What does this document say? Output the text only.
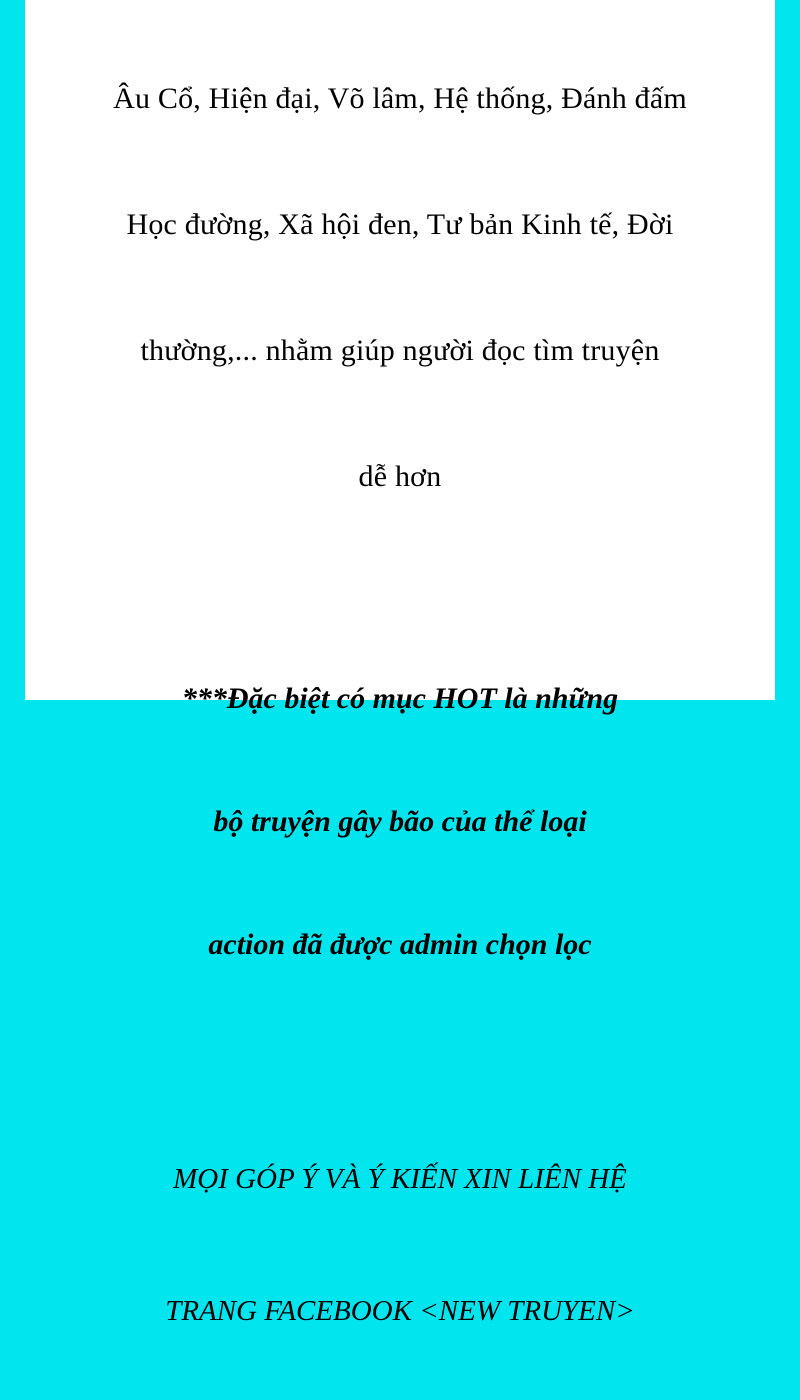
Âu Cổ, Hiện đại, Võ lâm, Hệ thống, Đánh đấm

Học đường, Xã hội đen, Tư bản Kinh tế, Đời

thường,... nhằm giúp người đọc tìm truyện

dễ hơn

***Đặc biệt có mục HOT là những

bộ truyện gây bão của thể loại

action đã được admin chọn lọc

MỌI GÓP Ý VÀ Ý KIẾN XIN LIÊN HỆ

TRANG FACEBOOK <NEW TRUYEN>
